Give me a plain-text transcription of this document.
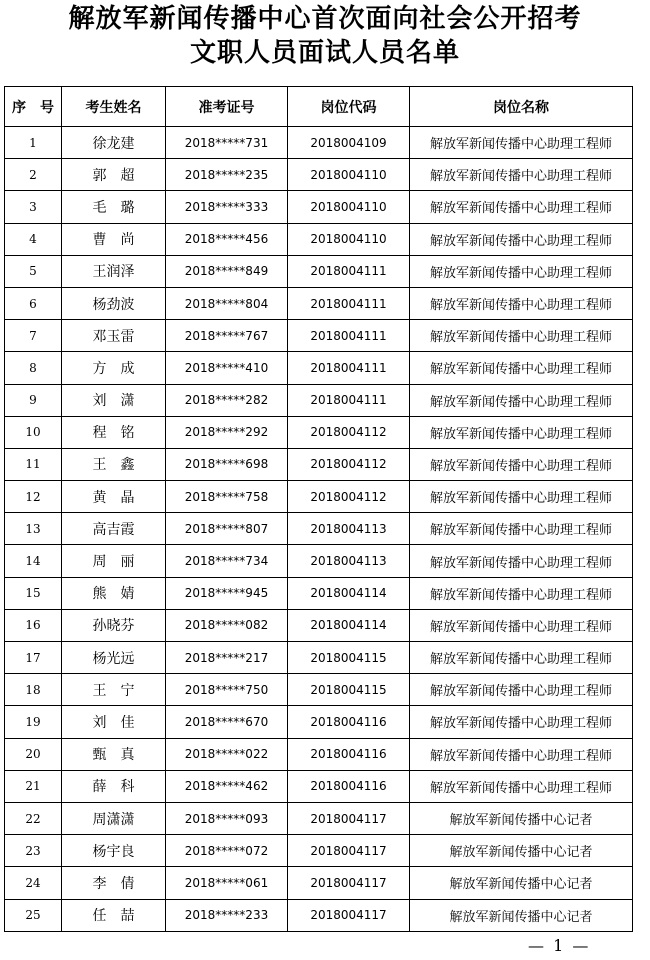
解放军新闻传播中心首次面向社会公开招考
文职人员面试人员名单
序　号	考生姓名	准考证号	岗位代码	岗位名称
1	徐龙建	2018*****731	2018004109	解放军新闻传播中心助理工程师
2	郭　超	2018*****235	2018004110	解放军新闻传播中心助理工程师
3	毛　璐	2018*****333	2018004110	解放军新闻传播中心助理工程师
4	曹　尚	2018*****456	2018004110	解放军新闻传播中心助理工程师
5	王润泽	2018*****849	2018004111	解放军新闻传播中心助理工程师
6	杨劲波	2018*****804	2018004111	解放军新闻传播中心助理工程师
7	邓玉雷	2018*****767	2018004111	解放军新闻传播中心助理工程师
8	方　成	2018*****410	2018004111	解放军新闻传播中心助理工程师
9	刘　潇	2018*****282	2018004111	解放军新闻传播中心助理工程师
10	程　铭	2018*****292	2018004112	解放军新闻传播中心助理工程师
11	王　鑫	2018*****698	2018004112	解放军新闻传播中心助理工程师
12	黄　晶	2018*****758	2018004112	解放军新闻传播中心助理工程师
13	高吉霞	2018*****807	2018004113	解放军新闻传播中心助理工程师
14	周　丽	2018*****734	2018004113	解放军新闻传播中心助理工程师
15	熊　婧	2018*****945	2018004114	解放军新闻传播中心助理工程师
16	孙晓芬	2018*****082	2018004114	解放军新闻传播中心助理工程师
17	杨光远	2018*****217	2018004115	解放军新闻传播中心助理工程师
18	王　宁	2018*****750	2018004115	解放军新闻传播中心助理工程师
19	刘　佳	2018*****670	2018004116	解放军新闻传播中心助理工程师
20	甄　真	2018*****022	2018004116	解放军新闻传播中心助理工程师
21	薛　科	2018*****462	2018004116	解放军新闻传播中心助理工程师
22	周潇潇	2018*****093	2018004117	解放军新闻传播中心记者
23	杨宇良	2018*****072	2018004117	解放军新闻传播中心记者
24	李　倩	2018*****061	2018004117	解放军新闻传播中心记者
25	任　喆	2018*****233	2018004117	解放军新闻传播中心记者
— 1 —
